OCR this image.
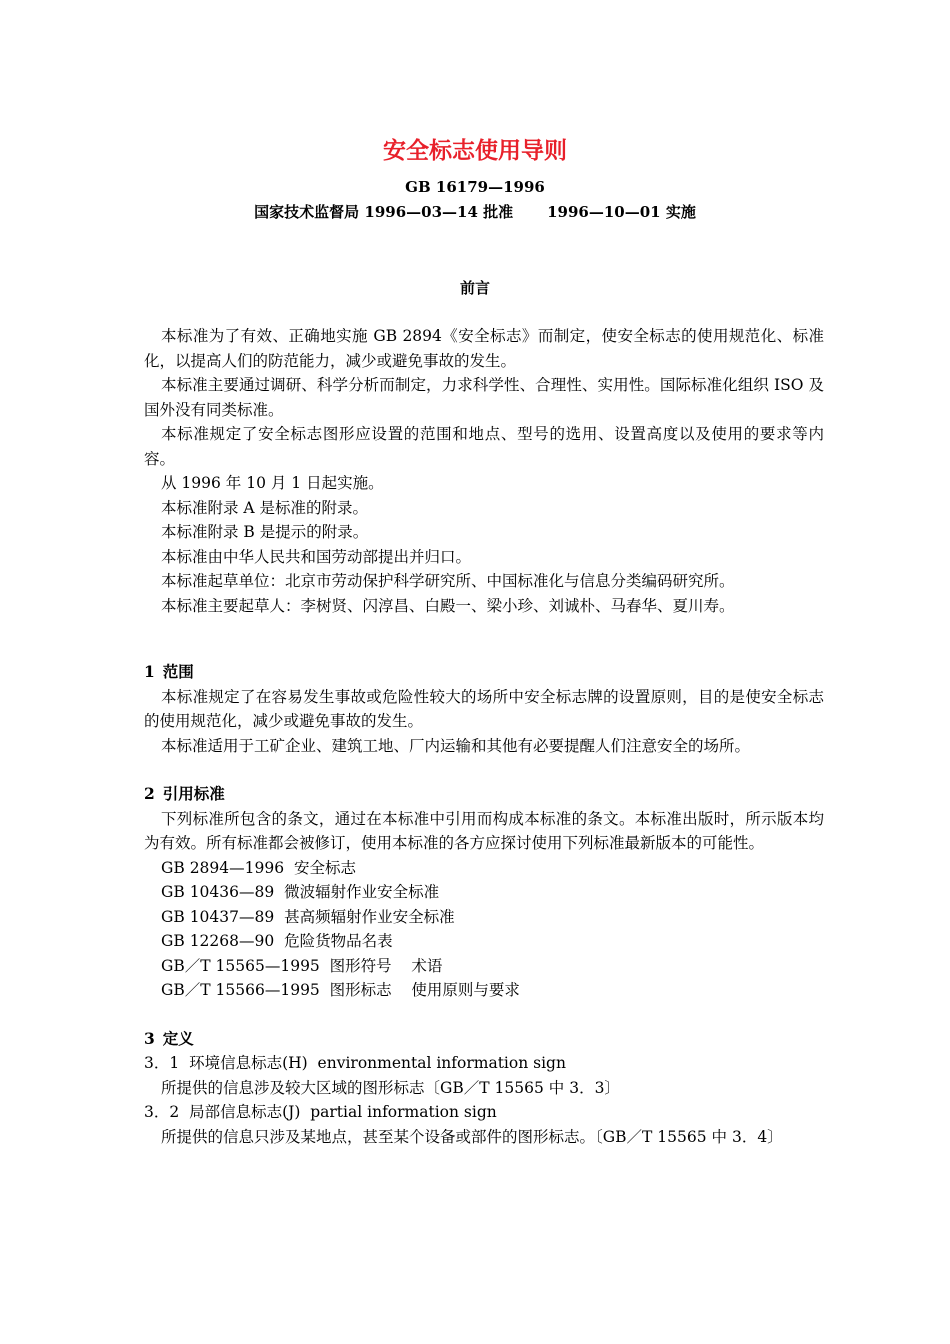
安全标志使用导则
GB 16179—1996
国家技术监督局 1996—03—14 批准 1996—10—01 实施
前言

本标准为了有效、正确地实施 GB 2894《安全标志》而制定，使安全标志的使用规范化、标准化，以提高人们的防范能力，减少或避免事故的发生。

本标准主要通过调研、科学分析而制定，力求科学性、合理性、实用性。国际标准化组织 ISO 及国外没有同类标准。

本标准规定了安全标志图形应设置的范围和地点、型号的选用、设置高度以及使用的要求等内容。

从 1996 年 10 月 1 日起实施。

本标准附录 A 是标准的附录。

本标准附录 B 是提示的附录。

本标准由中华人民共和国劳动部提出并归口。

本标准起草单位：北京市劳动保护科学研究所、中国标准化与信息分类编码研究所。

本标准主要起草人：李树贤、闪淳昌、白殿一、梁小珍、刘诚朴、马春华、夏川寿。

1 范围

本标准规定了在容易发生事故或危险性较大的场所中安全标志牌的设置原则，目的是使安全标志的使用规范化，减少或避免事故的发生。

本标准适用于工矿企业、建筑工地、厂内运输和其他有必要提醒人们注意安全的场所。

2 引用标准

下列标准所包含的条文，通过在本标准中引用而构成本标准的条文。本标准出版时，所示版本均为有效。所有标准都会被修订，使用本标准的各方应探讨使用下列标准最新版本的可能性。

GB 2894—1996  安全标志

GB 10436—89  微波辐射作业安全标准

GB 10437—89  甚高频辐射作业安全标准

GB 12268—90  危险货物品名表

GB／T 15565—1995  图形符号    术语

GB／T 15566—1995  图形标志    使用原则与要求

3 定义

3．1  环境信息标志(H)  environmental information sign

所提供的信息涉及较大区域的图形标志〔GB／T 15565 中 3．3〕

3．2  局部信息标志(J)  partial information sign

所提供的信息只涉及某地点，甚至某个设备或部件的图形标志。〔GB／T 15565 中 3．4〕
